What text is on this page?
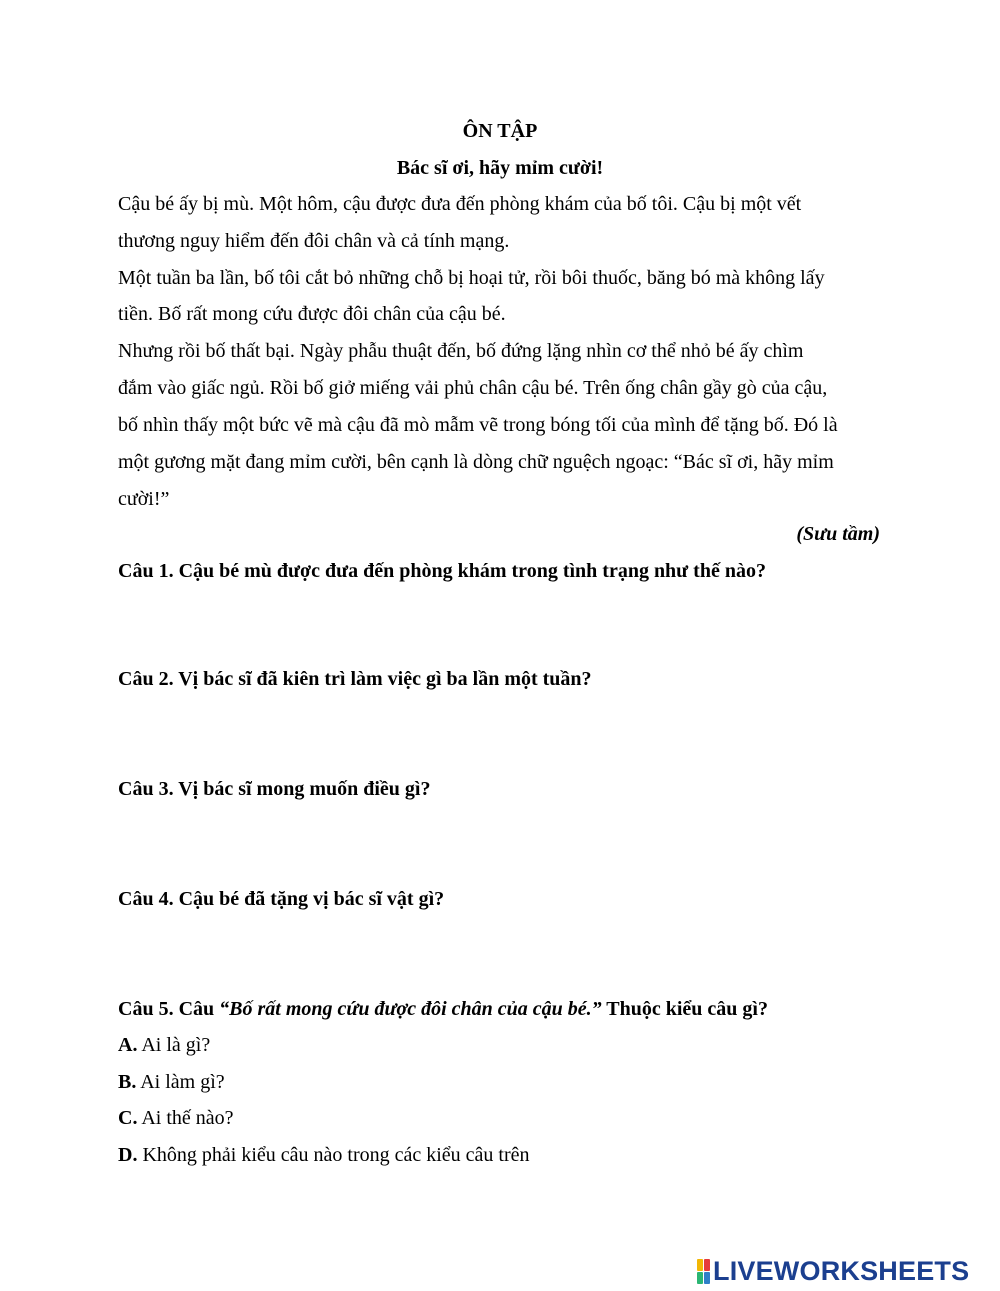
ÔN TẬP
Bác sĩ ơi, hãy mỉm cười!
Cậu bé ấy bị mù. Một hôm, cậu được đưa đến phòng khám của bố tôi. Cậu bị một vết
thương nguy hiểm đến đôi chân và cả tính mạng.
Một tuần ba lần, bố tôi cắt bỏ những chỗ bị hoại tử, rồi bôi thuốc, băng bó mà không lấy
tiền. Bố rất mong cứu được đôi chân của cậu bé.
Nhưng rồi bố thất bại. Ngày phẫu thuật đến, bố đứng lặng nhìn cơ thể nhỏ bé ấy chìm
đắm vào giấc ngủ. Rồi bố giở miếng vải phủ chân cậu bé. Trên ống chân gầy gò của cậu,
bố nhìn thấy một bức vẽ mà cậu đã mò mẫm vẽ trong bóng tối của mình để tặng bố. Đó là
một gương mặt đang mỉm cười, bên cạnh là dòng chữ nguệch ngoạc: “Bác sĩ ơi, hãy mỉm
cười!”
(Sưu tầm)
Câu 1. Cậu bé mù được đưa đến phòng khám trong tình trạng như thế nào?
Câu 2. Vị bác sĩ đã kiên trì làm việc gì ba lần một tuần?
Câu 3. Vị bác sĩ mong muốn điều gì?
Câu 4. Cậu bé đã tặng vị bác sĩ vật gì?
Câu 5. Câu “Bố rất mong cứu được đôi chân của cậu bé.” Thuộc kiểu câu gì?
A. Ai là gì?
B. Ai làm gì?
C. Ai thế nào?
D. Không phải kiểu câu nào trong các kiểu câu trên
LIVEWORKSHEETS
